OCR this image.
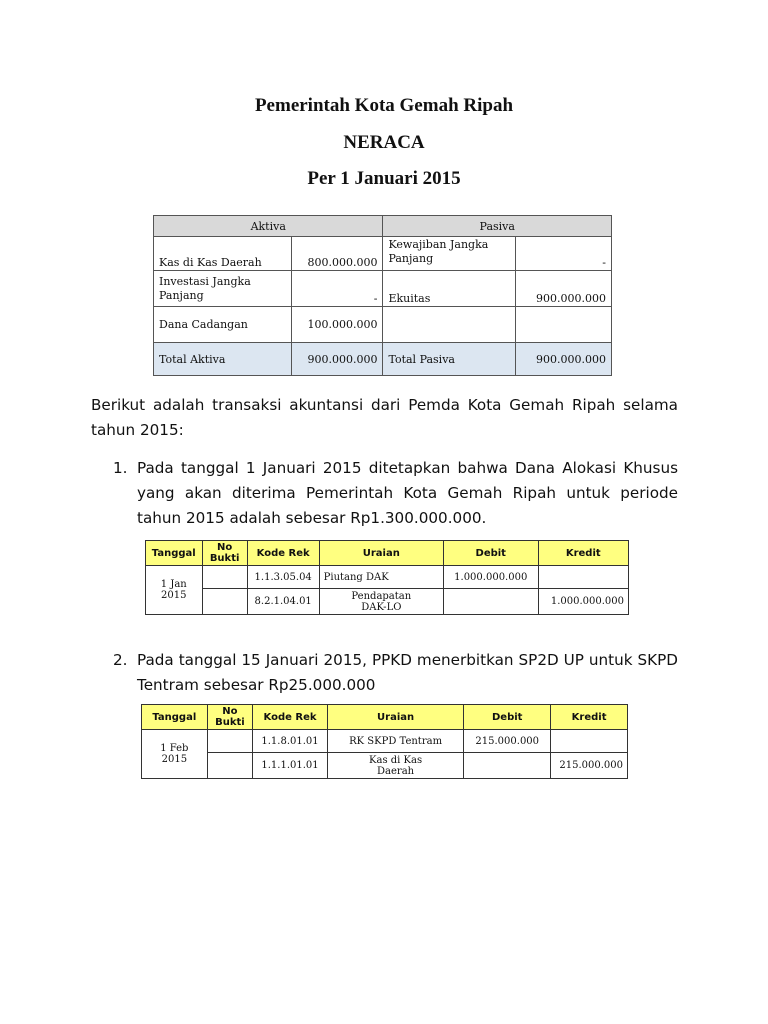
Pemerintah Kota Gemah Ripah
NERACA
Per 1 Januari 2015
Aktiva		Pasiva	
Kas di Kas Daerah	800.000.000	Kewajiban Jangka Panjang	-
Investasi Jangka Panjang	-	Ekuitas	900.000.000
Dana Cadangan	100.000.000		
Total Aktiva	900.000.000	Total Pasiva	900.000.000
Berikut adalah transaksi akuntansi dari Pemda Kota Gemah Ripah selama tahun 2015:
1. Pada tanggal 1 Januari 2015 ditetapkan bahwa Dana Alokasi Khusus yang akan diterima Pemerintah Kota Gemah Ripah untuk periode tahun 2015 adalah sebesar Rp1.300.000.000.
Tanggal	No Bukti	Kode Rek	Uraian	Debit	Kredit
1 Jan 2015		1.1.3.05.04	Piutang DAK	1.000.000.000	
		8.2.1.04.01	Pendapatan DAK-LO		1.000.000.000
2. Pada tanggal 15 Januari 2015, PPKD menerbitkan SP2D UP untuk SKPD Tentram sebesar Rp25.000.000
Tanggal	No Bukti	Kode Rek	Uraian	Debit	Kredit
1 Feb 2015		1.1.8.01.01	RK SKPD Tentram	215.000.000	
		1.1.1.01.01	Kas di Kas Daerah		215.000.000
